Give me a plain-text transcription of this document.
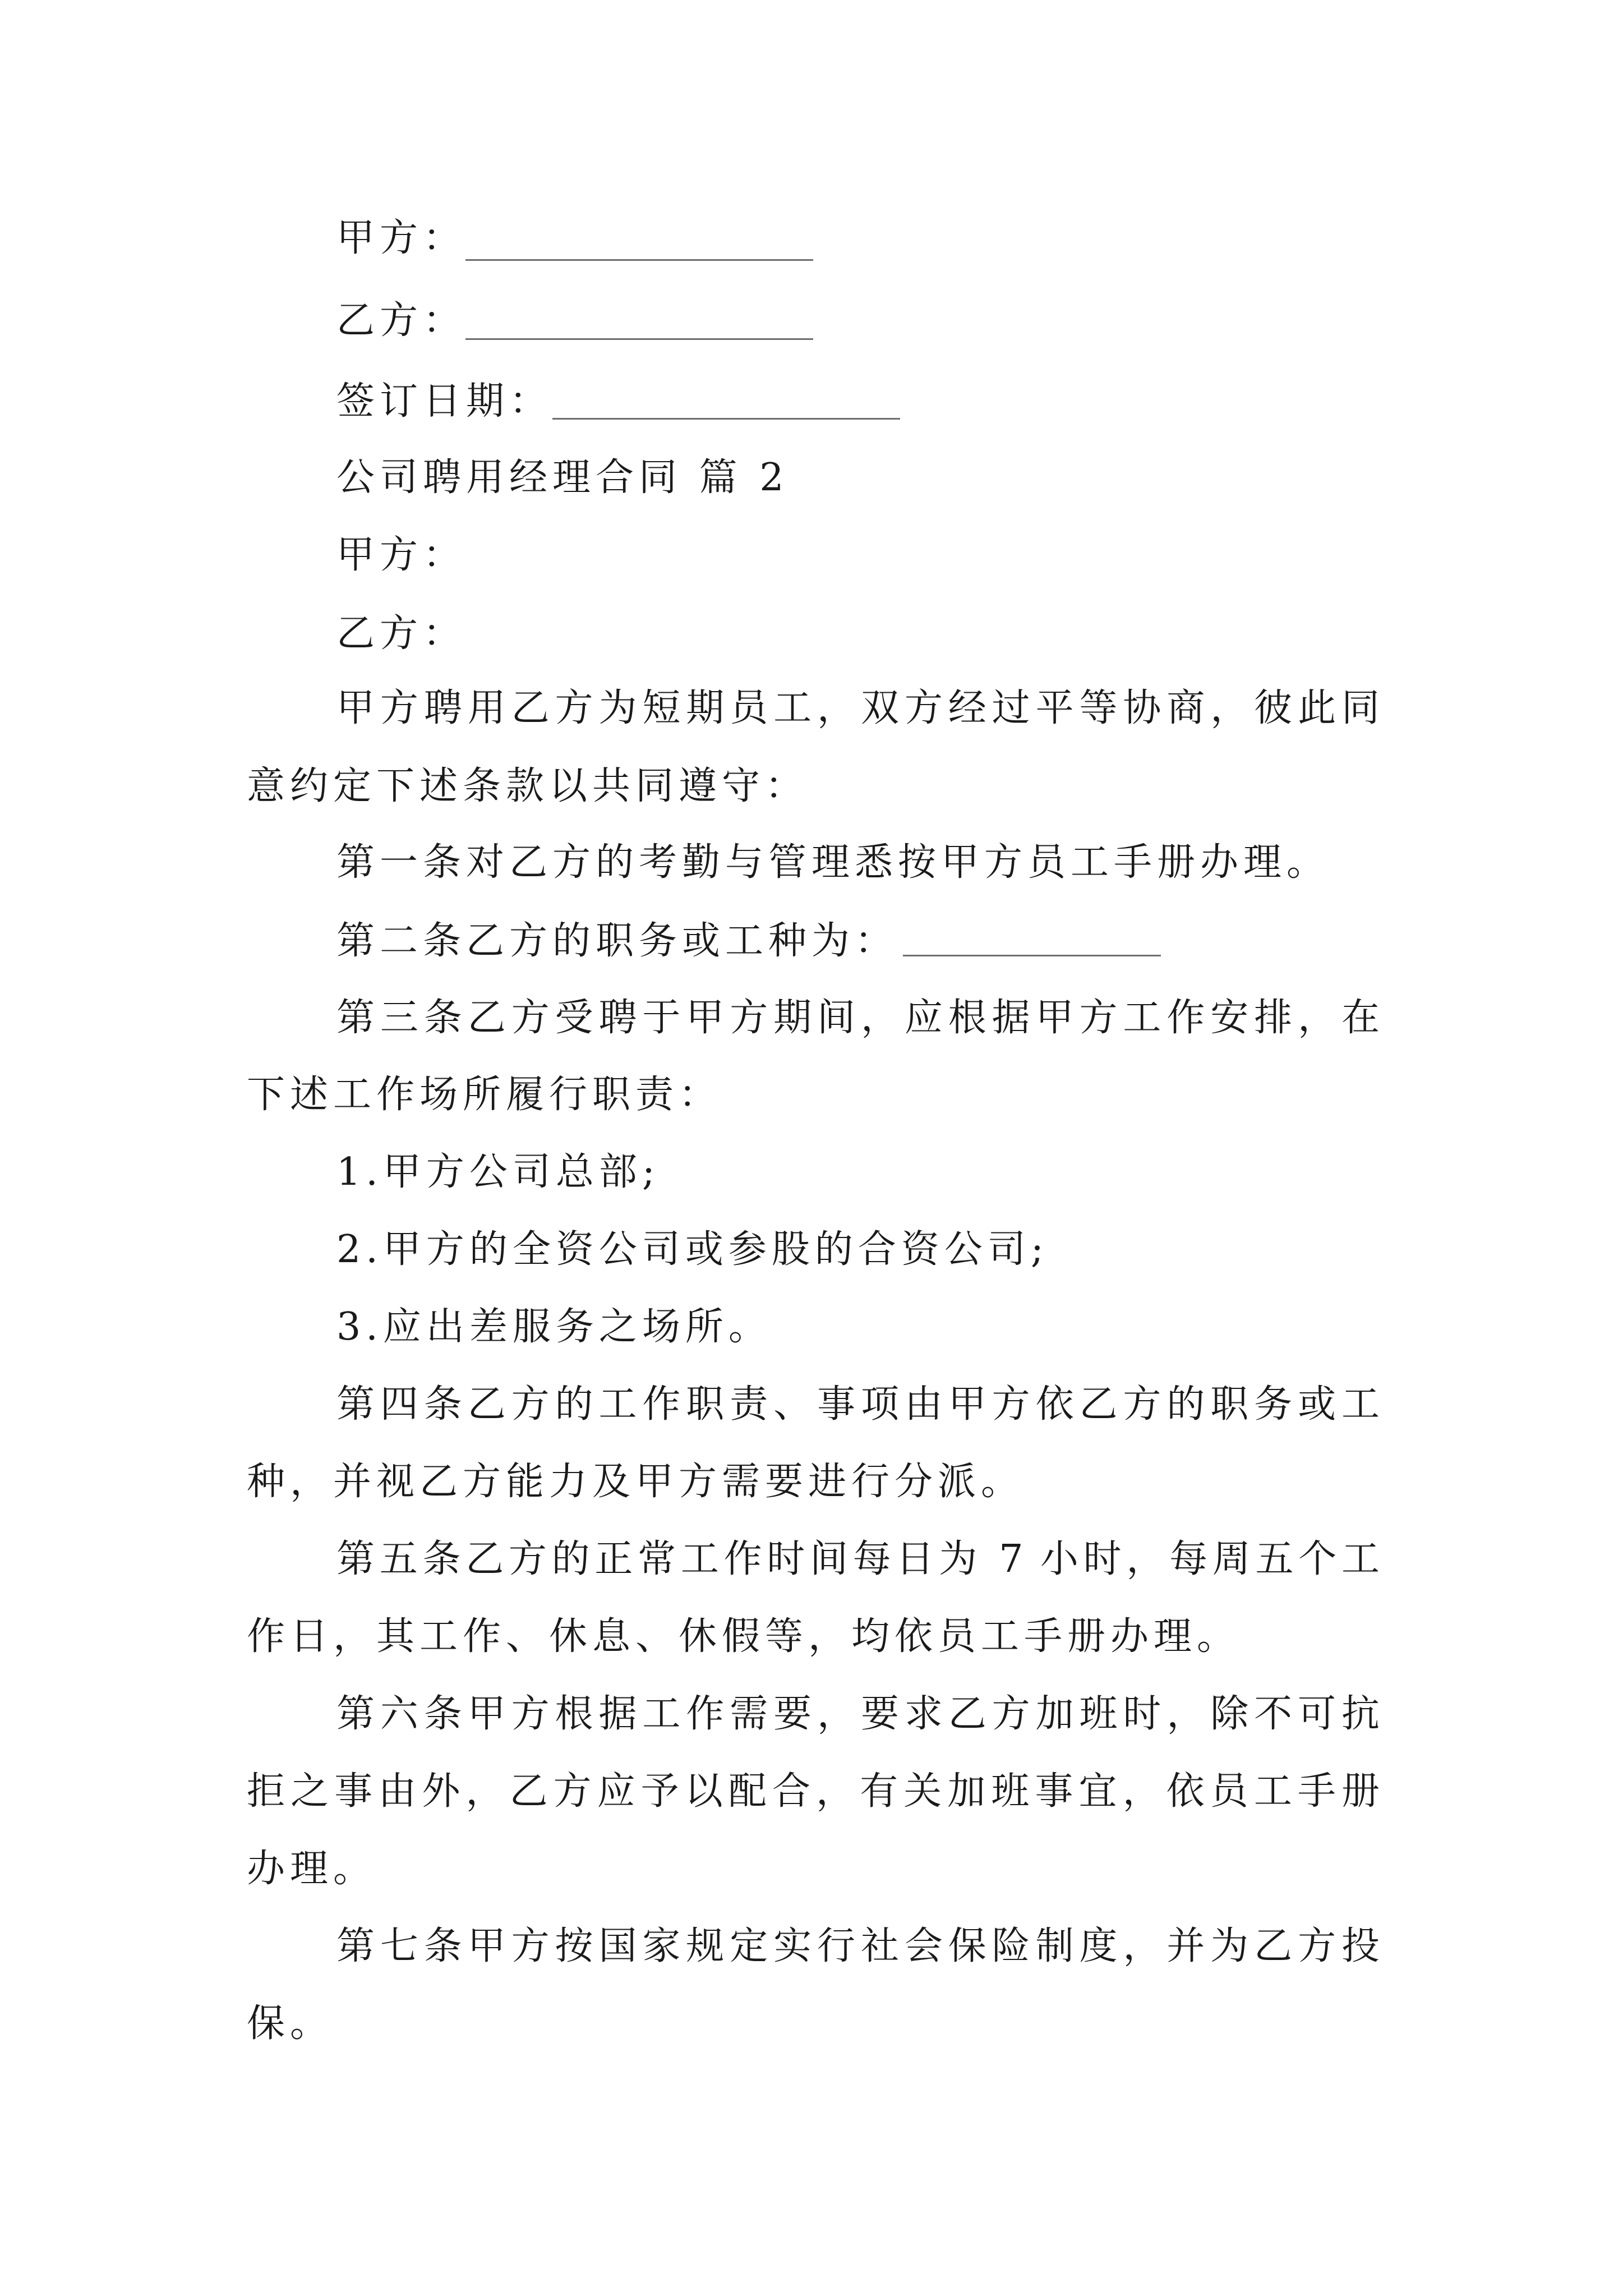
甲方：
乙方：
签订日期：
公司聘用经理合同 篇 2
甲方：
乙方：
甲方聘用乙方为短期员工，双方经过平等协商，彼此同
意约定下述条款以共同遵守：
第一条对乙方的考勤与管理悉按甲方员工手册办理。
第二条乙方的职务或工种为：
第三条乙方受聘于甲方期间，应根据甲方工作安排，在
下述工作场所履行职责：
1.甲方公司总部;
2.甲方的全资公司或参股的合资公司;
3.应出差服务之场所。
第四条乙方的工作职责、事项由甲方依乙方的职务或工
种，并视乙方能力及甲方需要进行分派。
第五条乙方的正常工作时间每日为 7 小时，每周五个工
作日，其工作、休息、休假等，均依员工手册办理。
第六条甲方根据工作需要，要求乙方加班时，除不可抗
拒之事由外，乙方应予以配合，有关加班事宜，依员工手册
办理。
第七条甲方按国家规定实行社会保险制度，并为乙方投
保。
